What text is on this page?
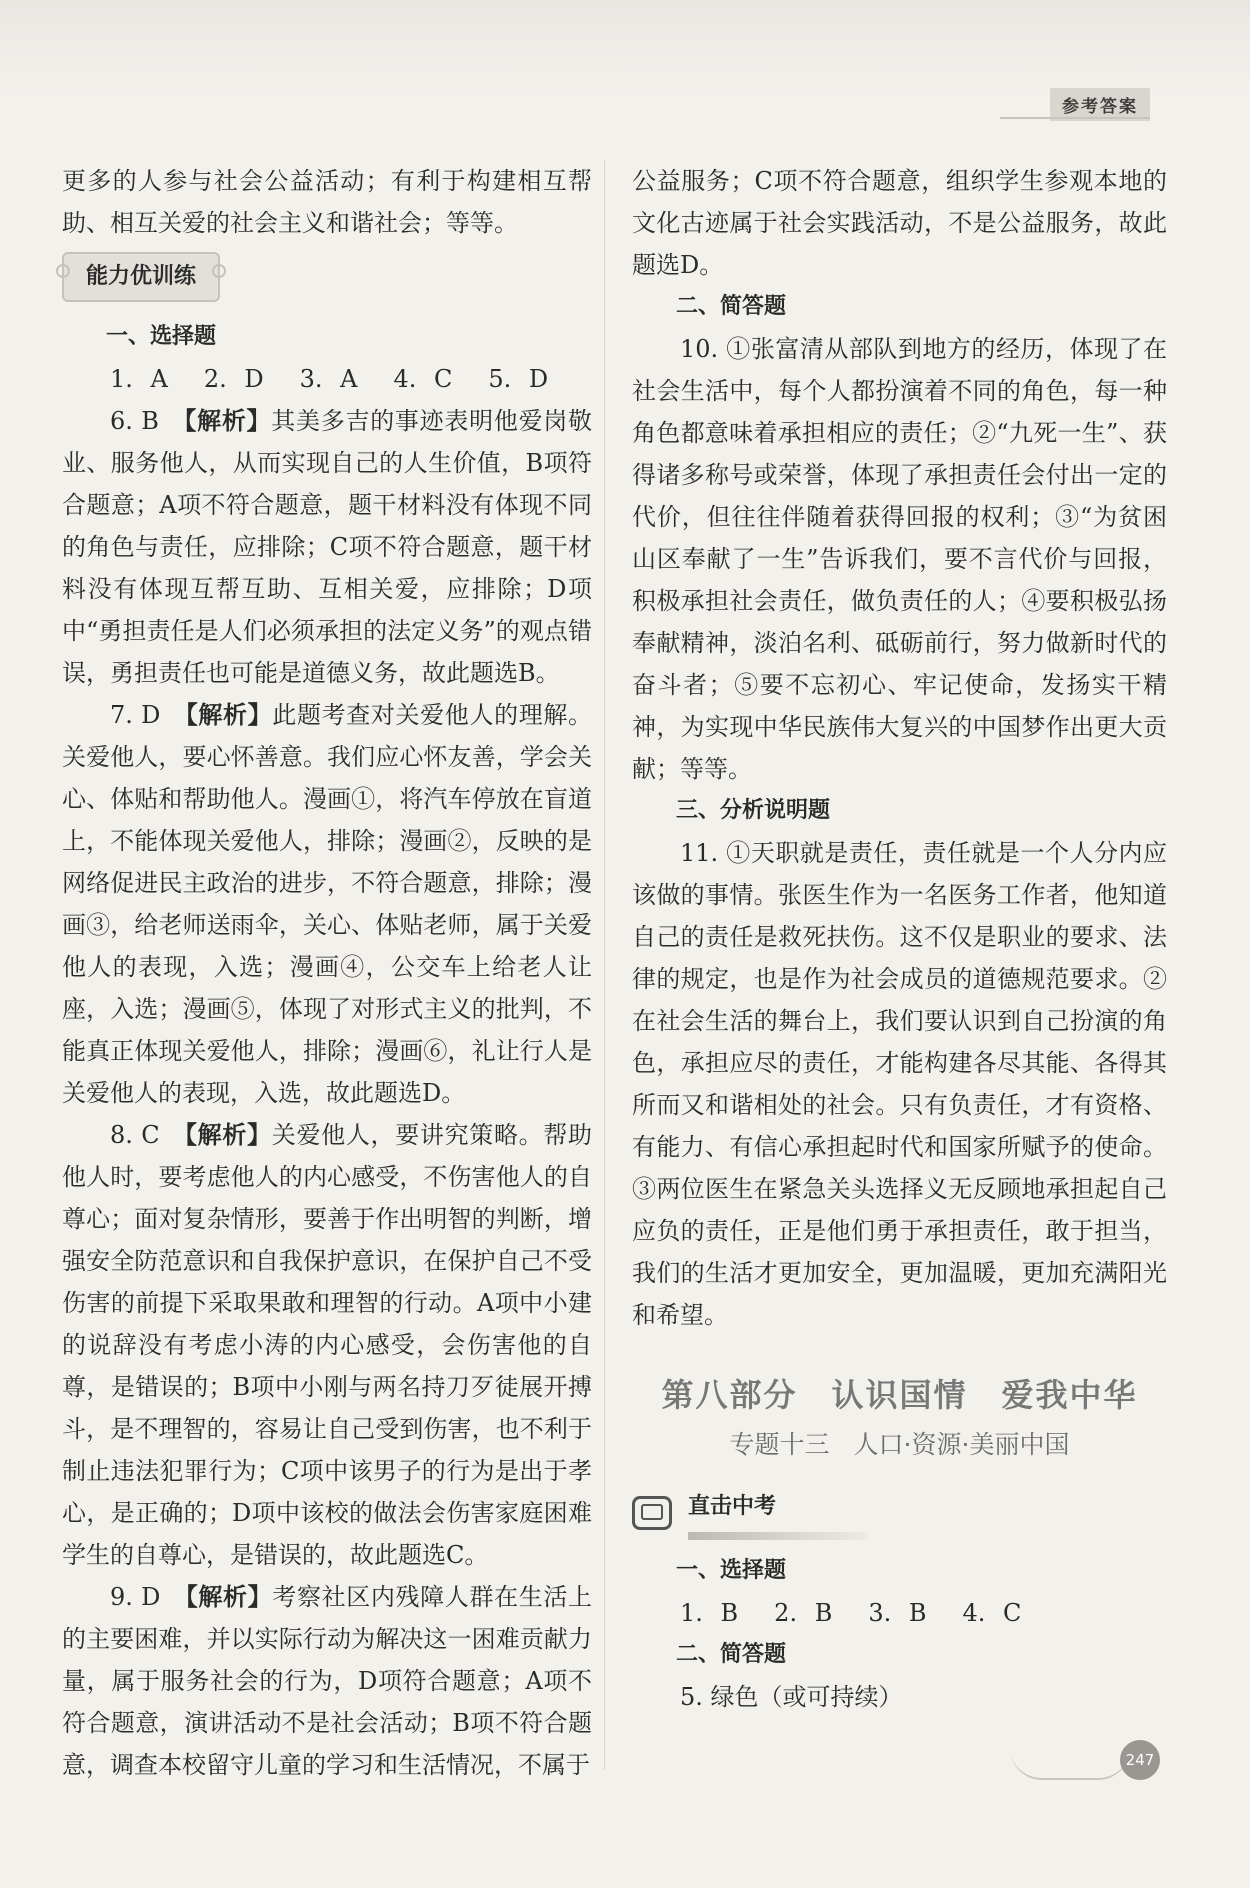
参考答案

更多的人参与社会公益活动；有利于构建相互帮助、相互关爱的社会主义和谐社会；等等。

能力优训练

一、选择题

1. A 2. D 3. A 4. C 5. D

6. B　 【解析】其美多吉的事迹表明他爱岗敬业、服务他人，从而实现自己的人生价值，B项符合题意；A项不符合题意，题干材料没有体现不同的角色与责任，应排除；C项不符合题意，题干材料没有体现互帮互助、互相关爱，应排除；D项中“勇担责任是人们必须承担的法定义务”的观点错误，勇担责任也可能是道德义务，故此题选B。

7. D　 【解析】此题考查对关爱他人的理解。关爱他人，要心怀善意。我们应心怀友善，学会关心、体贴和帮助他人。漫画①，将汽车停放在盲道上，不能体现关爱他人，排除；漫画②，反映的是网络促进民主政治的进步，不符合题意，排除；漫画③，给老师送雨伞，关心、体贴老师，属于关爱他人的表现，入选；漫画④，公交车上给老人让座，入选；漫画⑤，体现了对形式主义的批判，不能真正体现关爱他人，排除；漫画⑥，礼让行人是关爱他人的表现，入选，故此题选D。

8. C　 【解析】关爱他人，要讲究策略。帮助他人时，要考虑他人的内心感受，不伤害他人的自尊心；面对复杂情形，要善于作出明智的判断，增强安全防范意识和自我保护意识，在保护自己不受伤害的前提下采取果敢和理智的行动。A项中小建的说辞没有考虑小涛的内心感受，会伤害他的自尊，是错误的；B项中小刚与两名持刀歹徒展开搏斗，是不理智的，容易让自己受到伤害，也不利于制止违法犯罪行为；C项中该男子的行为是出于孝心，是正确的；D项中该校的做法会伤害家庭困难学生的自尊心，是错误的，故此题选C。

9. D　 【解析】考察社区内残障人群在生活上的主要困难，并以实际行动为解决这一困难贡献力量，属于服务社会的行为，D项符合题意；A项不符合题意，演讲活动不是社会活动；B项不符合题意，调查本校留守儿童的学习和生活情况，不属于

公益服务；C项不符合题意，组织学生参观本地的文化古迹属于社会实践活动，不是公益服务，故此题选D。

二、简答题

10. ①张富清从部队到地方的经历，体现了在社会生活中，每个人都扮演着不同的角色，每一种角色都意味着承担相应的责任；②“九死一生”、获得诸多称号或荣誉，体现了承担责任会付出一定的代价，但往往伴随着获得回报的权利；③“为贫困山区奉献了一生”告诉我们，要不言代价与回报，积极承担社会责任，做负责任的人；④要积极弘扬奉献精神，淡泊名利、砥砺前行，努力做新时代的奋斗者；⑤要不忘初心、牢记使命，发扬实干精神，为实现中华民族伟大复兴的中国梦作出更大贡献；等等。

三、分析说明题

11. ①天职就是责任，责任就是一个人分内应该做的事情。张医生作为一名医务工作者，他知道自己的责任是救死扶伤。这不仅是职业的要求、法律的规定，也是作为社会成员的道德规范要求。②在社会生活的舞台上，我们要认识到自己扮演的角色，承担应尽的责任，才能构建各尽其能、各得其所而又和谐相处的社会。只有负责任，才有资格、有能力、有信心承担起时代和国家所赋予的使命。③两位医生在紧急关头选择义无反顾地承担起自己应负的责任，正是他们勇于承担责任，敢于担当，我们的生活才更加安全，更加温暖，更加充满阳光和希望。

第八部分　认识国情　爱我中华
专题十三 人口·资源·美丽中国
直击中考

一、选择题

1. B 2. B 3. B 4. C

二、简答题

5. 绿色（或可持续）

247
